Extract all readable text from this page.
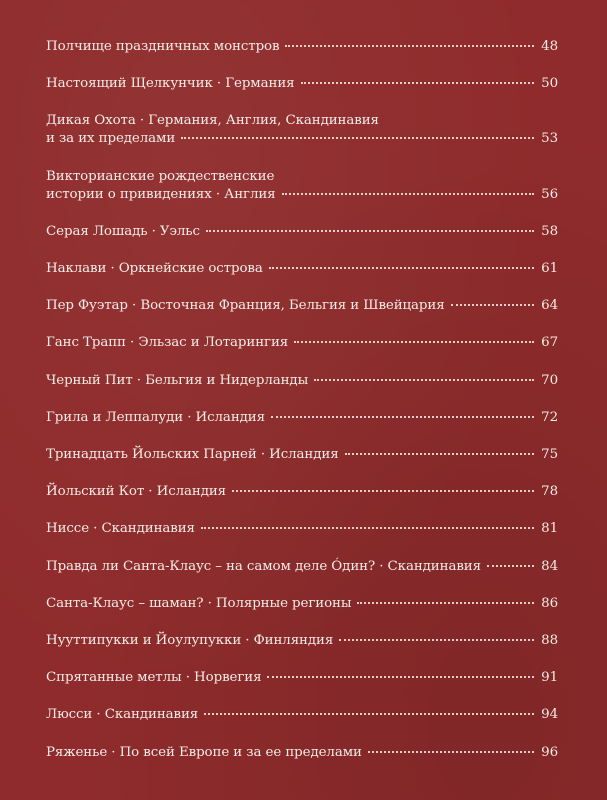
Полчище праздничных монстров	48
Настоящий Щелкунчик · Германия	50
Дикая Охота · Германия, Англия, Скандинавия
и за их пределами	53
Викторианские рождественские
истории о привидениях · Англия	56
Серая Лошадь · Уэльс	58
Наклави · Оркнейские острова	61
Пер Фуэтар · Восточная Франция, Бельгия и Швейцария	64
Ганс Трапп · Эльзас и Лотарингия	67
Черный Пит · Бельгия и Нидерланды	70
Грила и Леппалуди · Исландия	72
Тринадцать Йольских Парней · Исландия	75
Йольский Кот · Исландия	78
Ниссе · Скандинавия	81
Правда ли Санта-Клаус – на самом деле Óдин? · Скандинавия	84
Санта-Клаус – шаман? · Полярные регионы	86
Нууттипукки и Йоулупукки · Финляндия	88
Спрятанные метлы · Норвегия	91
Люсси · Скандинавия	94
Ряженье · По всей Европе и за ее пределами	96
